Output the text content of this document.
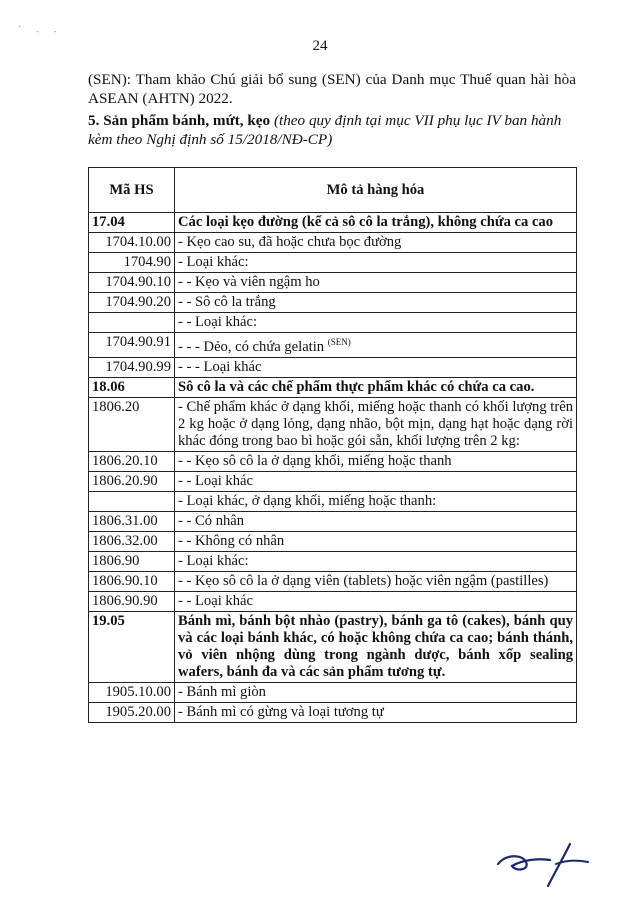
· ˏ ˏ
24
(SEN): Tham khảo Chú giải bổ sung (SEN) của Danh mục Thuế quan hài hòa ASEAN (AHTN) 2022.
5. Sản phẩm bánh, mứt, kẹo (theo quy định tại mục VII phụ lục IV ban hành kèm theo Nghị định số 15/2018/NĐ-CP)
Mã HS	Mô tả hàng hóa
17.04	Các loại kẹo đường (kể cả sô cô la trắng), không chứa ca cao
1704.10.00	- Kẹo cao su, đã hoặc chưa bọc đường
1704.90	- Loại khác:
1704.90.10	- - Kẹo và viên ngậm ho
1704.90.20	- - Sô cô la trắng
	- - Loại khác:
1704.90.91	- - - Dẻo, có chứa gelatin $^{(SEN)}$
1704.90.99	- - - Loại khác
18.06	Sô cô la và các chế phẩm thực phẩm khác có chứa ca cao.
1806.20	- Chế phẩm khác ở dạng khối, miếng hoặc thanh có khối lượng trên 2 kg hoặc ở dạng lỏng, dạng nhão, bột mịn, dạng hạt hoặc dạng rời khác đóng trong bao bì hoặc gói sẵn, khối lượng trên 2 kg:
1806.20.10	- - Kẹo sô cô la ở dạng khối, miếng hoặc thanh
1806.20.90	- - Loại khác
	- Loại khác, ở dạng khối, miếng hoặc thanh:
1806.31.00	- - Có nhân
1806.32.00	- - Không có nhân
1806.90	- Loại khác:
1806.90.10	- - Kẹo sô cô la ở dạng viên (tablets) hoặc viên ngậm (pastilles)
1806.90.90	- - Loại khác
19.05	Bánh mì, bánh bột nhào (pastry), bánh ga tô (cakes), bánh quy và các loại bánh khác, có hoặc không chứa ca cao; bánh thánh, vỏ viên nhộng dùng trong ngành dược, bánh xốp sealing wafers, bánh đa và các sản phẩm tương tự.
1905.10.00	- Bánh mì giòn
1905.20.00	- Bánh mì có gừng và loại tương tự
